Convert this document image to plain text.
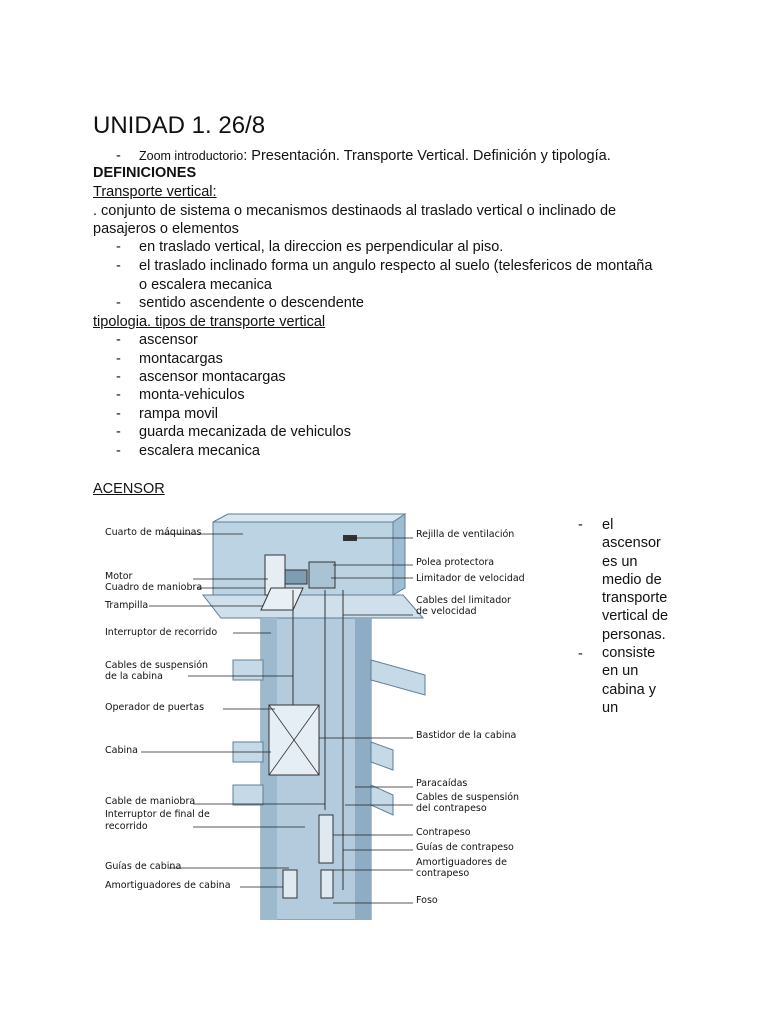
UNIDAD 1. 26/8
- Zoom introductorio: Presentación. Transporte Vertical. Definición y tipología.
DEFINICIONES
Transporte vertical:
. conjunto de sistema o mecanismos destinaods al traslado vertical o inclinado de
pasajeros o elementos
- en traslado vertical, la direccion es perpendicular al piso.
- el traslado inclinado forma un angulo respecto al suelo (telesfericos de montaña
o escalera mecanica
- sentido ascendente o descendente
tipologia. tipos de transporte vertical
- ascensor
- montacargas
- ascensor montacargas
- monta-vehiculos
- rampa movil
- guarda mecanizada de vehiculos
- escalera mecanica
ACENSOR
Cuarto de máquinas
Motor
Cuadro de maniobra
Trampilla
Interruptor de recorrido
Cables de suspensión
de la cabina
Operador de puertas
Cabina
Cable de maniobra
Interruptor de final de
recorrido
Guías de cabina
Amortiguadores de cabina
Rejilla de ventilación
Polea protectora
Limitador de velocidad
Cables del limitador
de velocidad
Bastidor de la cabina
Paracaídas
Cables de suspensión
del contrapeso
Contrapeso
Guías de contrapeso
Amortiguadores de
contrapeso
Foso
-
-
el
ascensor
es un
medio de
transporte
vertical de
personas.
consiste
en un
cabina y
un
